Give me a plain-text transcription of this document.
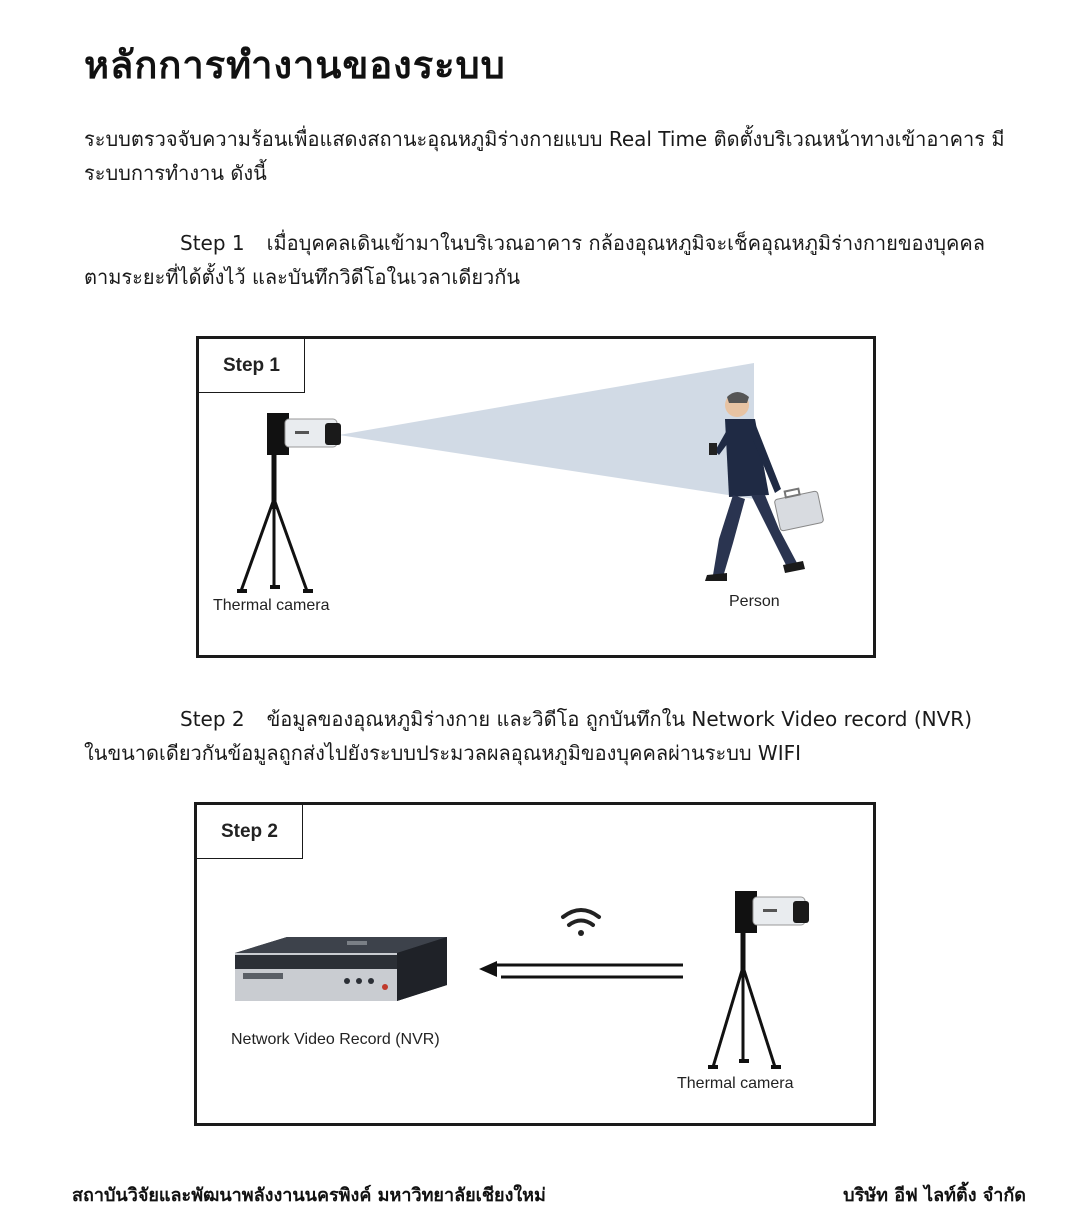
หลักการทำงานของระบบ

ระบบตรวจจับความร้อนเพื่อแสดงสถานะอุณหภูมิร่างกายแบบ Real Time ติดตั้งบริเวณหน้าทางเข้าอาคาร มีระบบการทำงาน ดังนี้

Step 1 เมื่อบุคคลเดินเข้ามาในบริเวณอาคาร กล้องอุณหภูมิจะเช็คอุณหภูมิร่างกายของบุคคล

ตามระยะที่ได้ตั้งไว้ และบันทึกวิดีโอในเวลาเดียวกัน

Step 1
Thermal camera	Person

Step 2 ข้อมูลของอุณหภูมิร่างกาย และวิดีโอ ถูกบันทึกใน Network Video record (NVR)

ในขนาดเดียวกันข้อมูลถูกส่งไปยังระบบประมวลผลอุณหภูมิของบุคคลผ่านระบบ WIFI

Step 2
Network Video Record (NVR)
Thermal camera
สถาบันวิจัยและพัฒนาพลังงานนครพิงค์ มหาวิทยาลัยเชียงใหม่	บริษัท อีฟ ไลท์ติ้ง จำกัด
